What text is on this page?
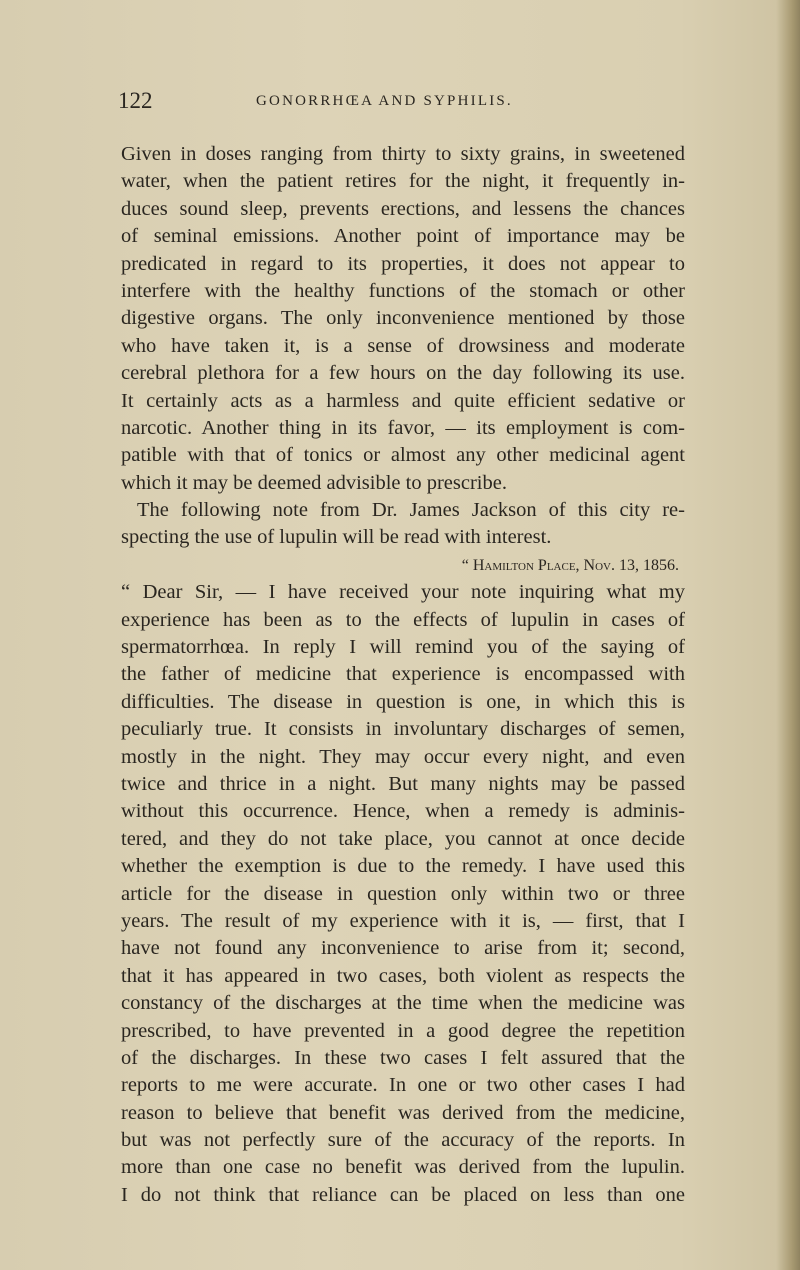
122	GONORRHŒA AND SYPHILIS.
Given in doses ranging from thirty to sixty grains, in sweetened
water, when the patient retires for the night, it frequently in-
duces sound sleep, prevents erections, and lessens the chances
of seminal emissions. Another point of importance may be
predicated in regard to its properties, it does not appear to
interfere with the healthy functions of the stomach or other
digestive organs. The only inconvenience mentioned by those
who have taken it, is a sense of drowsiness and moderate
cerebral plethora for a few hours on the day following its use.
It certainly acts as a harmless and quite efficient sedative or
narcotic. Another thing in its favor, — its employment is com-
patible with that of tonics or almost any other medicinal agent
which it may be deemed advisible to prescribe.
The following note from Dr. James Jackson of this city re-
specting the use of lupulin will be read with interest.
“ Hamilton Place, Nov. 13, 1856.
“ Dear Sir, — I have received your note inquiring what my
experience has been as to the effects of lupulin in cases of
spermatorrhœa. In reply I will remind you of the saying of
the father of medicine that experience is encompassed with
difficulties. The disease in question is one, in which this is
peculiarly true. It consists in involuntary discharges of semen,
mostly in the night. They may occur every night, and even
twice and thrice in a night. But many nights may be passed
without this occurrence. Hence, when a remedy is adminis-
tered, and they do not take place, you cannot at once decide
whether the exemption is due to the remedy. I have used this
article for the disease in question only within two or three
years. The result of my experience with it is, — first, that I
have not found any inconvenience to arise from it; second,
that it has appeared in two cases, both violent as respects the
constancy of the discharges at the time when the medicine was
prescribed, to have prevented in a good degree the repetition
of the discharges. In these two cases I felt assured that the
reports to me were accurate. In one or two other cases I had
reason to believe that benefit was derived from the medicine,
but was not perfectly sure of the accuracy of the reports. In
more than one case no benefit was derived from the lupulin.
I do not think that reliance can be placed on less than one
